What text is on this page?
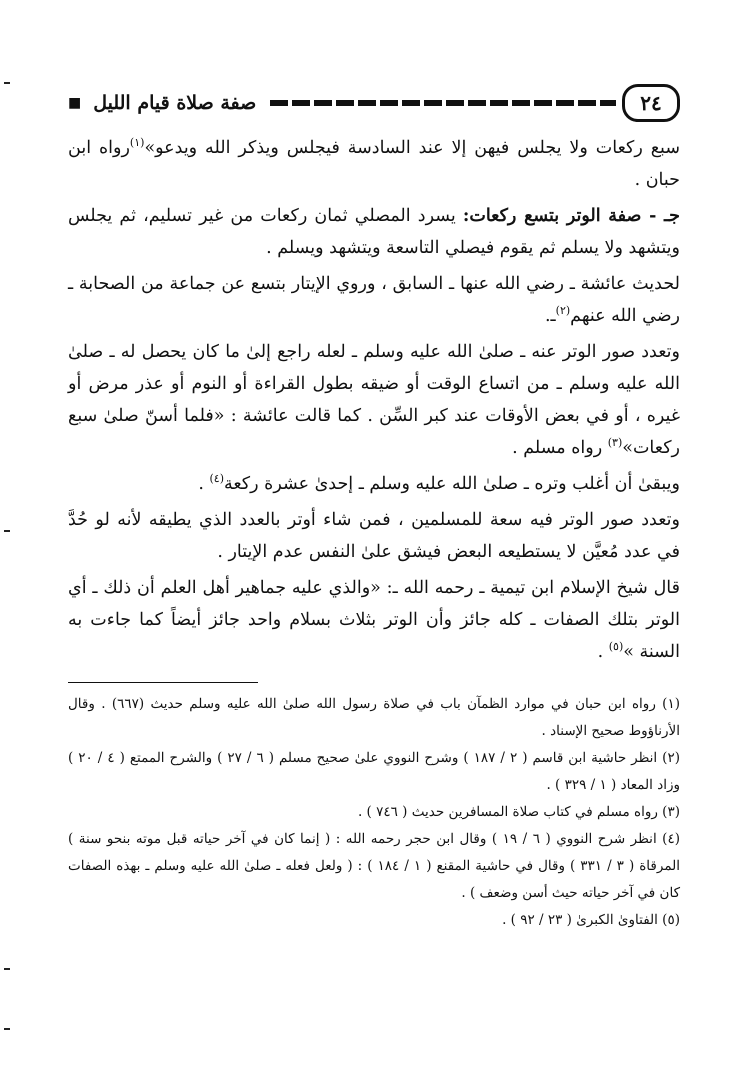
٢٤
صفة صلاة قيام الليل
■

سبع ركعات ولا يجلس فيهن إلا عند السادسة فيجلس ويذكر الله ويدعو»$^{(١)}$رواه ابن حبان .

جـ - صفة الوتر بتسع ركعات: يسرد المصلي ثمان ركعات من غير تسليم، ثم يجلس ويتشهد ولا يسلم ثم يقوم فيصلي التاسعة ويتشهد ويسلم .

لحديث عائشة ـ رضي الله عنها ـ السابق ، وروي الإيتار بتسع عن جماعة من الصحابة ـ رضي الله عنهم$^{(٢)}$ـ.

وتعدد صور الوتر عنه ـ صلىٰ الله عليه وسلم ـ لعله راجع إلىٰ ما كان يحصل له ـ صلىٰ الله عليه وسلم ـ من اتساع الوقت أو ضيقه بطول القراءة أو النوم أو عذر مرض أو غيره ، أو في بعض الأوقات عند كبر السِّن . كما قالت عائشة : «فلما أسنّ صلىٰ سبع ركعات»$^{(٣)}$ رواه مسلم .

ويبقىٰ أن أغلب وتره ـ صلىٰ الله عليه وسلم ـ إحدىٰ عشرة ركعة$^{(٤)}$ .

وتعدد صور الوتر فيه سعة للمسلمين ، فمن شاء أوتر بالعدد الذي يطيقه لأنه لو حُدَّ في عدد مُعيَّن لا يستطيعه البعض فيشق علىٰ النفس عدم الإيتار .

قال شيخ الإسلام ابن تيمية ـ رحمه الله ـ: «والذي عليه جماهير أهل العلم أن ذلك ـ أي الوتر بتلك الصفات ـ كله جائز وأن الوتر بثلاث بسلام واحد جائز أيضاً كما جاءت به السنة »$^{(٥)}$ .

(١) رواه ابن حبان في موارد الظمآن باب في صلاة رسول الله صلىٰ الله عليه وسلم حديث (٦٦٧) . وقال الأرناؤوط صحيح الإسناد .

(٢) انظر حاشية ابن قاسم ( ٢ / ١٨٧ ) وشرح النووي علىٰ صحيح مسلم ( ٦ / ٢٧ ) والشرح الممتع ( ٤ / ٢٠ ) وزاد المعاد ( ١ / ٣٢٩ ) .

(٣) رواه مسلم في كتاب صلاة المسافرين حديث ( ٧٤٦ ) .

(٤) انظر شرح النووي ( ٦ / ١٩ ) وقال ابن حجر رحمه الله : ( إنما كان في آخر حياته قبل موته بنحو سنة ) المرقاة ( ٣ / ٣٣١ ) وقال في حاشية المقنع ( ١ / ١٨٤ ) : ( ولعل فعله ـ صلىٰ الله عليه وسلم ـ بهذه الصفات كان في آخر حياته حيث أسن وضعف ) .

(٥) الفتاوىٰ الكبرىٰ ( ٢٣ / ٩٢ ) .
